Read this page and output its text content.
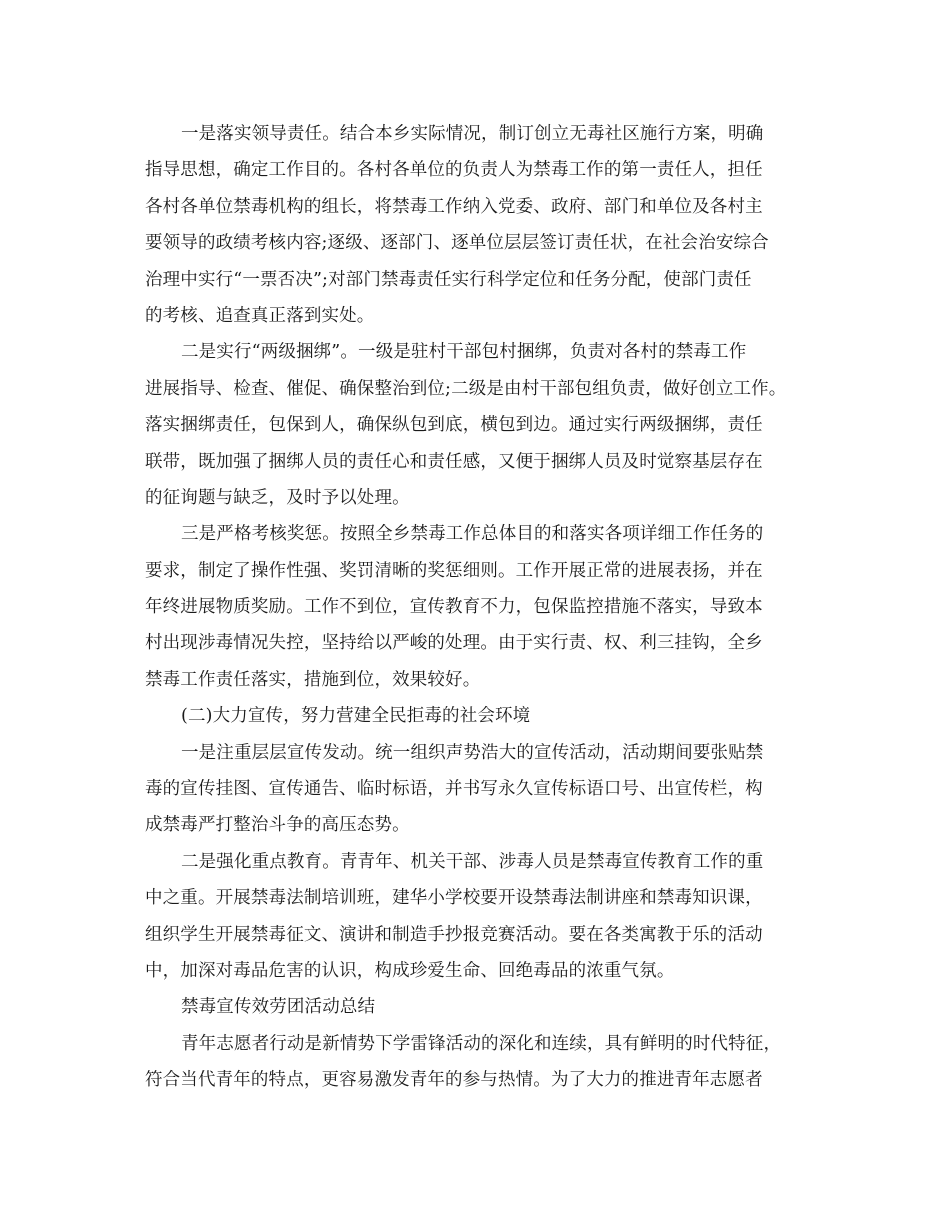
一是落实领导责任。结合本乡实际情况，制订创立无毒社区施行方案，明确
指导思想，确定工作目的。各村各单位的负责人为禁毒工作的第一责任人，担任
各村各单位禁毒机构的组长，将禁毒工作纳入党委、政府、部门和单位及各村主
要领导的政绩考核内容;逐级、逐部门、逐单位层层签订责任状，在社会治安综合
治理中实行“一票否决”;对部门禁毒责任实行科学定位和任务分配，使部门责任
的考核、追查真正落到实处。
二是实行“两级捆绑”。一级是驻村干部包村捆绑，负责对各村的禁毒工作
进展指导、检查、催促、确保整治到位;二级是由村干部包组负责，做好创立工作。
落实捆绑责任，包保到人，确保纵包到底，横包到边。通过实行两级捆绑，责任
联带，既加强了捆绑人员的责任心和责任感，又便于捆绑人员及时觉察基层存在
的征询题与缺乏，及时予以处理。
三是严格考核奖惩。按照全乡禁毒工作总体目的和落实各项详细工作任务的
要求，制定了操作性强、奖罚清晰的奖惩细则。工作开展正常的进展表扬，并在
年终进展物质奖励。工作不到位，宣传教育不力，包保监控措施不落实，导致本
村出现涉毒情况失控，坚持给以严峻的处理。由于实行责、权、利三挂钩，全乡
禁毒工作责任落实，措施到位，效果较好。
(二)大力宣传，努力营建全民拒毒的社会环境
一是注重层层宣传发动。统一组织声势浩大的宣传活动，活动期间要张贴禁
毒的宣传挂图、宣传通告、临时标语，并书写永久宣传标语口号、出宣传栏，构
成禁毒严打整治斗争的高压态势。
二是强化重点教育。青青年、机关干部、涉毒人员是禁毒宣传教育工作的重
中之重。开展禁毒法制培训班，建华小学校要开设禁毒法制讲座和禁毒知识课，
组织学生开展禁毒征文、演讲和制造手抄报竞赛活动。要在各类寓教于乐的活动
中，加深对毒品危害的认识，构成珍爱生命、回绝毒品的浓重气氛。
禁毒宣传效劳团活动总结
青年志愿者行动是新情势下学雷锋活动的深化和连续，具有鲜明的时代特征，
符合当代青年的特点，更容易激发青年的参与热情。为了大力的推进青年志愿者
